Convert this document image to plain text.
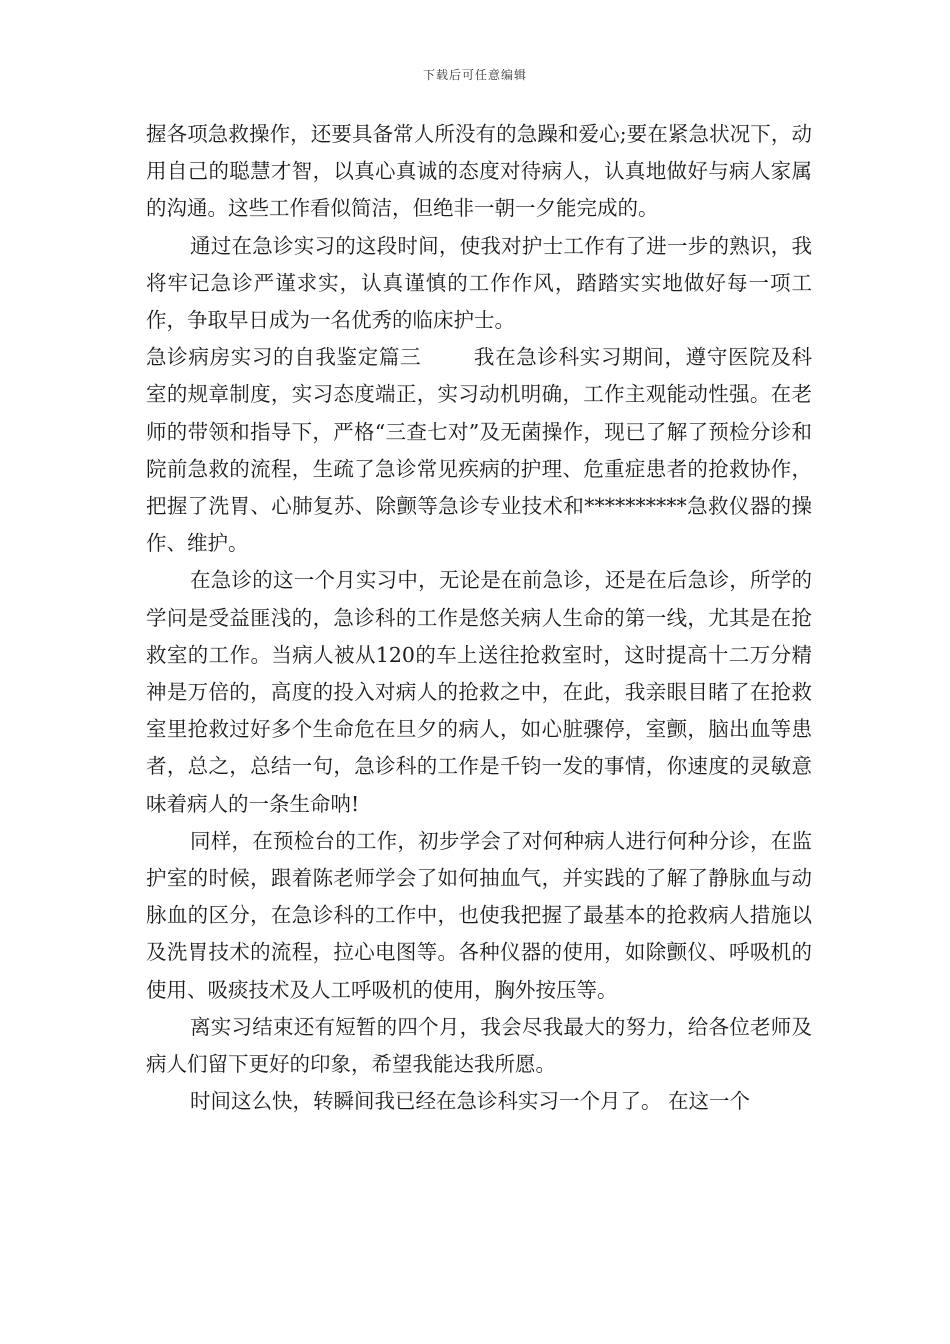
下载后可任意编辑

握各项急救操作，还要具备常人所没有的急躁和爱心;要在紧急状况下，动用自己的聪慧才智，以真心真诚的态度对待病人，认真地做好与病人家属的沟通。这些工作看似简洁，但绝非一朝一夕能完成的。

通过在急诊实习的这段时间，使我对护士工作有了进一步的熟识，我将牢记急诊严谨求实，认真谨慎的工作作风，踏踏实实地做好每一项工作，争取早日成为一名优秀的临床护士。

急诊病房实习的自我鉴定篇三	我在急诊科实习期间，遵守医院及科室的规章制度，实习态度端正，实习动机明确，工作主观能动性强。在老师的带领和指导下，严格“三查七对”及无菌操作，现已了解了预检分诊和院前急救的流程，生疏了急诊常见疾病的护理、危重症患者的抢救协作，把握了洗胃、心肺复苏、除颤等急诊专业技术和**********急救仪器的操作、维护。

在急诊的这一个月实习中，无论是在前急诊，还是在后急诊，所学的学问是受益匪浅的，急诊科的工作是悠关病人生命的第一线，尤其是在抢救室的工作。当病人被从120的车上送往抢救室时，这时提高十二万分精神是万倍的，高度的投入对病人的抢救之中，在此，我亲眼目睹了在抢救室里抢救过好多个生命危在旦夕的病人，如心脏骤停，室颤，脑出血等患者，总之，总结一句，急诊科的工作是千钧一发的事情，你速度的灵敏意味着病人的一条生命呐!

同样，在预检台的工作，初步学会了对何种病人进行何种分诊，在监护室的时候，跟着陈老师学会了如何抽血气，并实践的了解了静脉血与动脉血的区分，在急诊科的工作中，也使我把握了最基本的抢救病人措施以及洗胃技术的流程，拉心电图等。各种仪器的使用，如除颤仪、呼吸机的使用、吸痰技术及人工呼吸机的使用，胸外按压等。

离实习结束还有短暂的四个月，我会尽我最大的努力，给各位老师及病人们留下更好的印象，希望我能达我所愿。

时间这么快，转瞬间我已经在急诊科实习一个月了。 在这一个
